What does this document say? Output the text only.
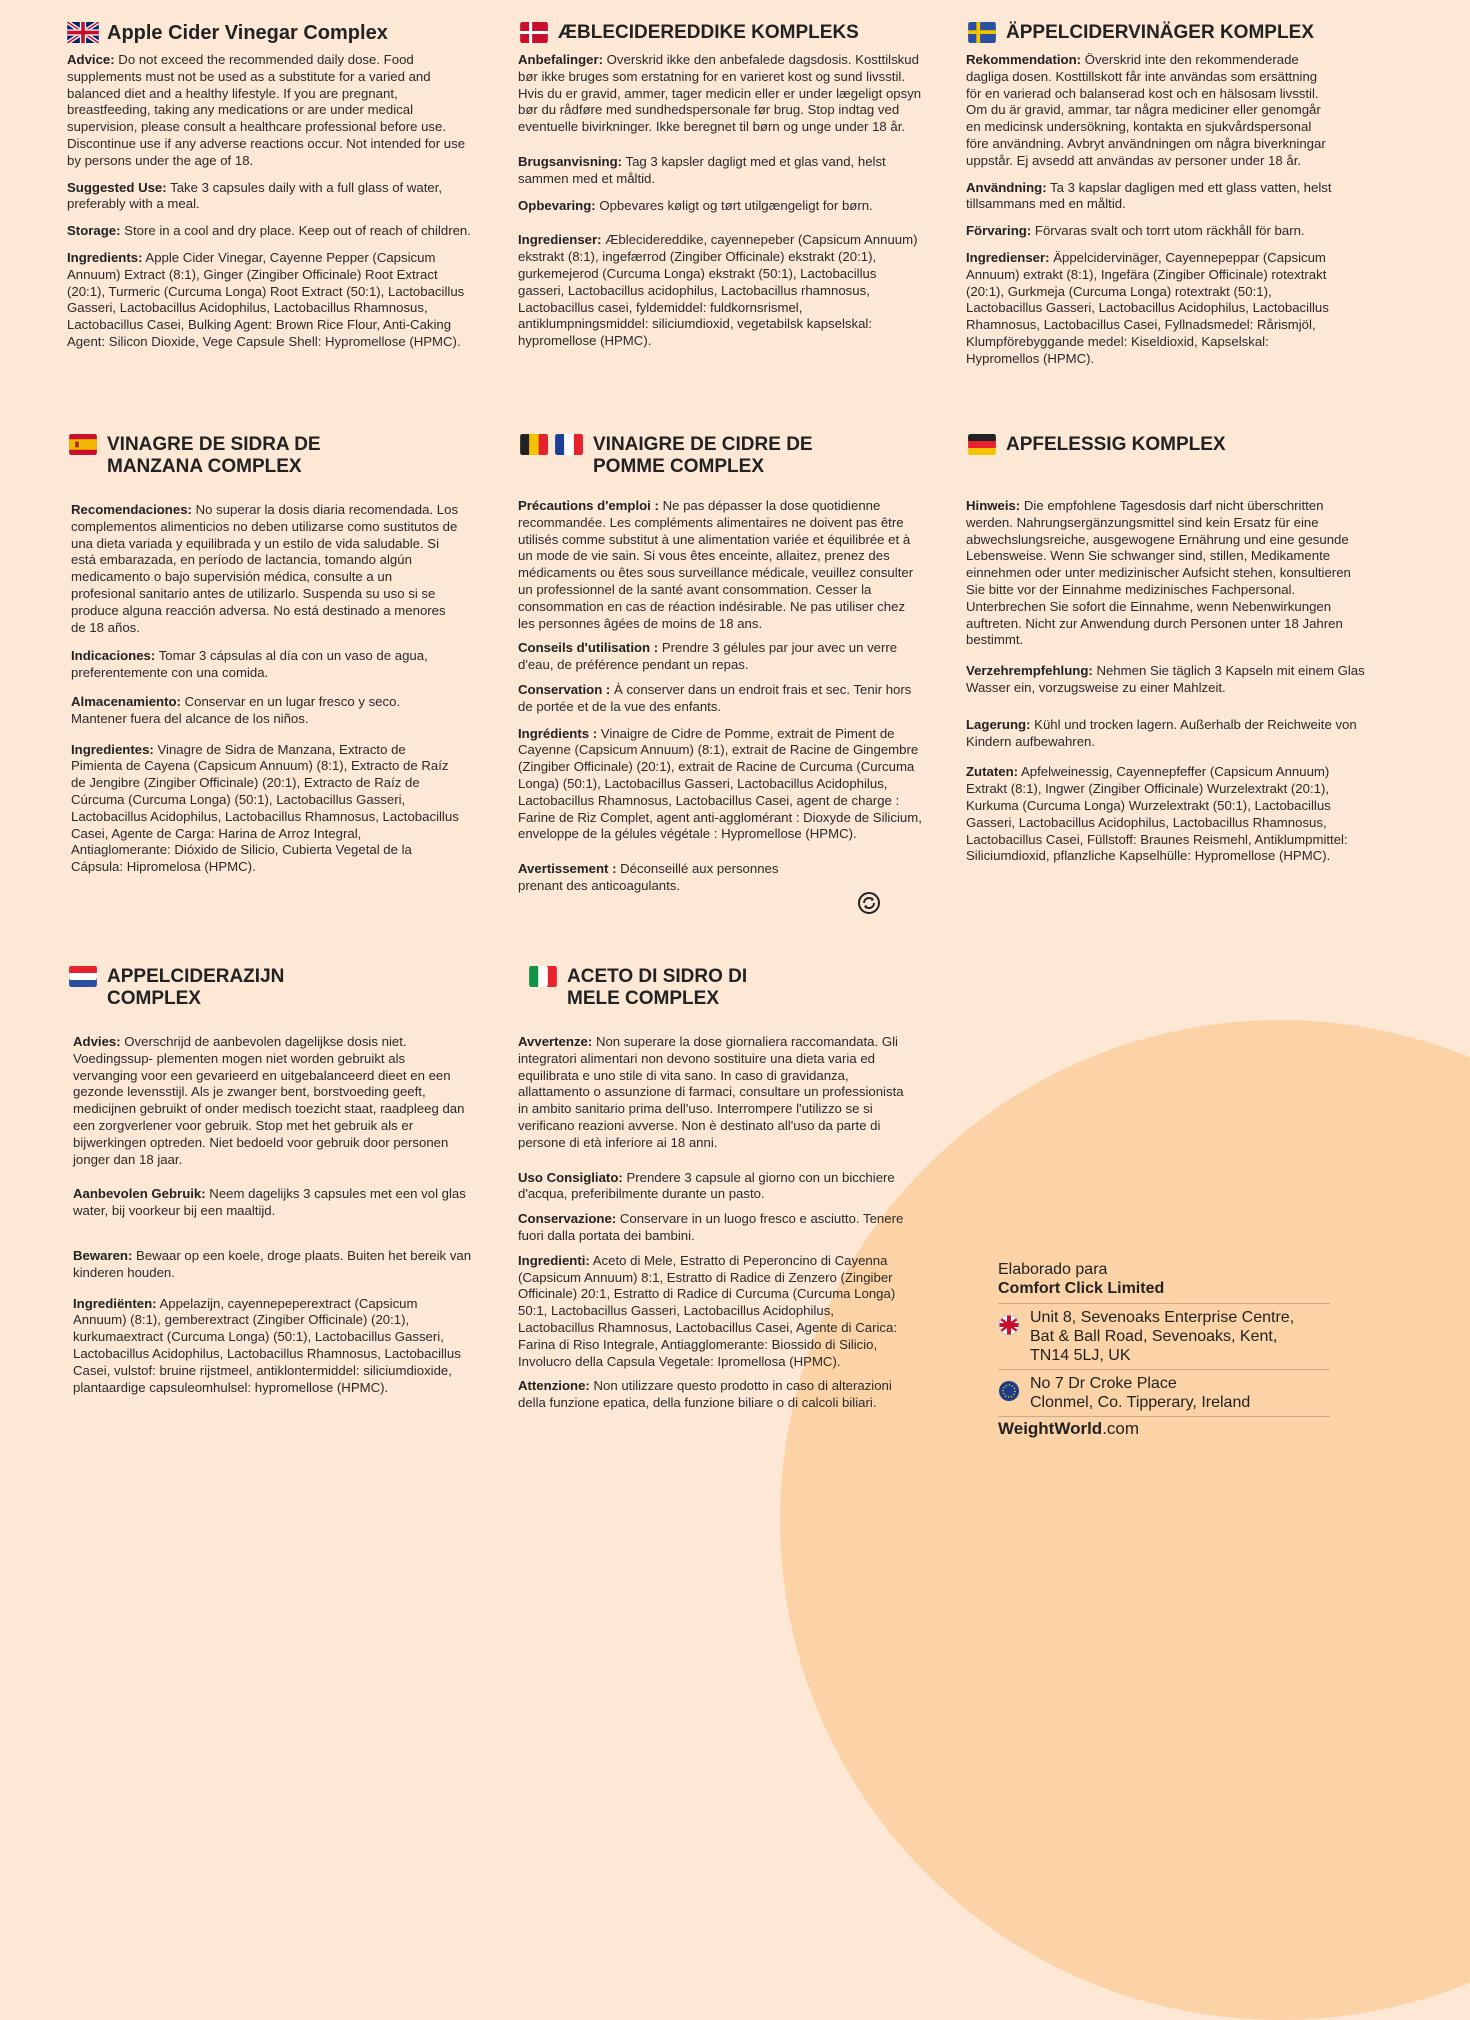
Apple Cider Vinegar Complex

Advice: Do not exceed the recommended daily dose. Food supplements must not be used as a substitute for a varied and balanced diet and a healthy lifestyle. If you are pregnant, breastfeeding, taking any medications or are under medical supervision, please consult a healthcare professional before use. Discontinue use if any adverse reactions occur. Not intended for use by persons under the age of 18.

Suggested Use: Take 3 capsules daily with a full glass of water, preferably with a meal.

Storage: Store in a cool and dry place. Keep out of reach of children.

Ingredients: Apple Cider Vinegar, Cayenne Pepper (Capsicum Annuum) Extract (8:1), Ginger (Zingiber Officinale) Root Extract (20:1), Turmeric (Curcuma Longa) Root Extract (50:1), Lactobacillus Gasseri, Lactobacillus Acidophilus, Lactobacillus Rhamnosus, Lactobacillus Casei, Bulking Agent: Brown Rice Flour, Anti-Caking Agent: Silicon Dioxide, Vege Capsule Shell: Hypromellose (HPMC).

ÆBLECIDEREDDIKE KOMPLEKS

Anbefalinger: Overskrid ikke den anbefalede dagsdosis. Kosttilskud bør ikke bruges som erstatning for en varieret kost og sund livsstil. Hvis du er gravid, ammer, tager medicin eller er under lægeligt opsyn bør du rådføre med sundhedspersonale før brug. Stop indtag ved eventuelle bivirkninger. Ikke beregnet til børn og unge under 18 år.

Brugsanvisning: Tag 3 kapsler dagligt med et glas vand, helst sammen med et måltid.

Opbevaring: Opbevares køligt og tørt utilgængeligt for børn.

Ingredienser: Æblecidereddike, cayennepeber (Capsicum Annuum) ekstrakt (8:1), ingefærrod (Zingiber Officinale) ekstrakt (20:1), gurkemejerod (Curcuma Longa) ekstrakt (50:1), Lactobacillus gasseri, Lactobacillus acidophilus, Lactobacillus rhamnosus, Lactobacillus casei, fyldemiddel: fuldkornsrismel, antiklumpningsmiddel: siliciumdioxid, vegetabilsk kapselskal: hypromellose (HPMC).

ÄPPELCIDERVINÄGER KOMPLEX

Rekommendation: Överskrid inte den rekommenderade dagliga dosen. Kosttillskott får inte användas som ersättning för en varierad och balanserad kost och en hälsosam livsstil. Om du är gravid, ammar, tar några mediciner eller genomgår en medicinsk undersökning, kontakta en sjukvårdspersonal före användning. Avbryt användningen om några biverkningar uppstår. Ej avsedd att användas av personer under 18 år.

Användning: Ta 3 kapslar dagligen med ett glass vatten, helst tillsammans med en måltid.

Förvaring: Förvaras svalt och torrt utom räckhåll för barn.

Ingredienser: Äppelcidervinäger, Cayennepeppar (Capsicum Annuum) extrakt (8:1), Ingefära (Zingiber Officinale) rotextrakt (20:1), Gurkmeja (Curcuma Longa) rotextrakt (50:1), Lactobacillus Gasseri, Lactobacillus Acidophilus, Lactobacillus Rhamnosus, Lactobacillus Casei, Fyllnadsmedel: Rårismjöl, Klumpförebyggande medel: Kiseldioxid, Kapselskal: Hypromellos (HPMC).

VINAGRE DE SIDRA DE
MANZANA COMPLEX

Recomendaciones: No superar la dosis diaria recomendada. Los complementos alimenticios no deben utilizarse como sustitutos de una dieta variada y equilibrada y un estilo de vida saludable. Si está embarazada, en período de lactancia, tomando algún medicamento o bajo supervisión médica, consulte a un profesional sanitario antes de utilizarlo. Suspenda su uso si se produce alguna reacción adversa. No está destinado a menores de 18 años.

Indicaciones: Tomar 3 cápsulas al día con un vaso de agua, preferentemente con una comida.

Almacenamiento: Conservar en un lugar fresco y seco. Mantener fuera del alcance de los niños.

Ingredientes: Vinagre de Sidra de Manzana, Extracto de Pimienta de Cayena (Capsicum Annuum) (8:1), Extracto de Raíz de Jengibre (Zingiber Officinale) (20:1), Extracto de Raíz de Cúrcuma (Curcuma Longa) (50:1), Lactobacillus Gasseri, Lactobacillus Acidophilus, Lactobacillus Rhamnosus, Lactobacillus Casei, Agente de Carga: Harina de Arroz Integral, Antiaglomerante: Dióxido de Silicio, Cubierta Vegetal de la Cápsula: Hipromelosa (HPMC).

VINAIGRE DE CIDRE DE
POMME COMPLEX

Précautions d'emploi : Ne pas dépasser la dose quotidienne recommandée. Les compléments alimentaires ne doivent pas être utilisés comme substitut à une alimentation variée et équilibrée et à un mode de vie sain. Si vous êtes enceinte, allaitez, prenez des médicaments ou êtes sous surveillance médicale, veuillez consulter un professionnel de la santé avant consommation. Cesser la consommation en cas de réaction indésirable. Ne pas utiliser chez les personnes âgées de moins de 18 ans.

Conseils d'utilisation : Prendre 3 gélules par jour avec un verre d'eau, de préférence pendant un repas.

Conservation : À conserver dans un endroit frais et sec. Tenir hors de portée et de la vue des enfants.

Ingrédients : Vinaigre de Cidre de Pomme, extrait de Piment de Cayenne (Capsicum Annuum) (8:1), extrait de Racine de Gingembre (Zingiber Officinale) (20:1), extrait de Racine de Curcuma (Curcuma Longa) (50:1), Lactobacillus Gasseri, Lactobacillus Acidophilus, Lactobacillus Rhamnosus, Lactobacillus Casei, agent de charge : Farine de Riz Complet, agent anti-agglomérant : Dioxyde de Silicium, enveloppe de la gélules végétale : Hypromellose (HPMC).

Avertissement : Déconseillé aux personnes prenant des anticoagulants.

APFELESSIG KOMPLEX

Hinweis: Die empfohlene Tagesdosis darf nicht überschritten werden. Nahrungsergänzungsmittel sind kein Ersatz für eine abwechslungsreiche, ausgewogene Ernährung und eine gesunde Lebensweise. Wenn Sie schwanger sind, stillen, Medikamente einnehmen oder unter medizinischer Aufsicht stehen, konsultieren Sie bitte vor der Einnahme medizinisches Fachpersonal. Unterbrechen Sie sofort die Einnahme, wenn Nebenwirkungen auftreten. Nicht zur Anwendung durch Personen unter 18 Jahren bestimmt.

Verzehrempfehlung: Nehmen Sie täglich 3 Kapseln mit einem Glas Wasser ein, vorzugsweise zu einer Mahlzeit.

Lagerung: Kühl und trocken lagern. Außerhalb der Reichweite von Kindern aufbewahren.

Zutaten: Apfelweinessig, Cayennepfeffer (Capsicum Annuum) Extrakt (8:1), Ingwer (Zingiber Officinale) Wurzelextrakt (20:1), Kurkuma (Curcuma Longa) Wurzelextrakt (50:1), Lactobacillus Gasseri, Lactobacillus Acidophilus, Lactobacillus Rhamnosus, Lactobacillus Casei, Füllstoff: Braunes Reismehl, Antiklumpmittel: Siliciumdioxid, pflanzliche Kapselhülle: Hypromellose (HPMC).

APPELCIDERAZIJN
COMPLEX

Advies: Overschrijd de aanbevolen dagelijkse dosis niet. Voedingssup- plementen mogen niet worden gebruikt als vervanging voor een gevarieerd en uitgebalanceerd dieet en een gezonde levensstijl. Als je zwanger bent, borstvoeding geeft, medicijnen gebruikt of onder medisch toezicht staat, raadpleeg dan een zorgverlener voor gebruik. Stop met het gebruik als er bijwerkingen optreden. Niet bedoeld voor gebruik door personen jonger dan 18 jaar.

Aanbevolen Gebruik: Neem dagelijks 3 capsules met een vol glas water, bij voorkeur bij een maaltijd.

Bewaren: Bewaar op een koele, droge plaats. Buiten het bereik van kinderen houden.

Ingrediënten: Appelazijn, cayennepeperextract (Capsicum Annuum) (8:1), gemberextract (Zingiber Officinale) (20:1), kurkumaextract (Curcuma Longa) (50:1), Lactobacillus Gasseri, Lactobacillus Acidophilus, Lactobacillus Rhamnosus, Lactobacillus Casei, vulstof: bruine rijstmeel, antiklontermiddel: siliciumdioxide, plantaardige capsuleomhulsel: hypromellose (HPMC).

ACETO DI SIDRO DI
MELE COMPLEX

Avvertenze: Non superare la dose giornaliera raccomandata. Gli integratori alimentari non devono sostituire una dieta varia ed equilibrata e uno stile di vita sano. In caso di gravidanza, allattamento o assunzione di farmaci, consultare un professionista in ambito sanitario prima dell'uso. Interrompere l'utilizzo se si verificano reazioni avverse. Non è destinato all'uso da parte di persone di età inferiore ai 18 anni.

Uso Consigliato: Prendere 3 capsule al giorno con un bicchiere d'acqua, preferibilmente durante un pasto.

Conservazione: Conservare in un luogo fresco e asciutto. Tenere fuori dalla portata dei bambini.

Ingredienti: Aceto di Mele, Estratto di Peperoncino di Cayenna (Capsicum Annuum) 8:1, Estratto di Radice di Zenzero (Zingiber Officinale) 20:1, Estratto di Radice di Curcuma (Curcuma Longa) 50:1, Lactobacillus Gasseri, Lactobacillus Acidophilus, Lactobacillus Rhamnosus, Lactobacillus Casei, Agente di Carica: Farina di Riso Integrale, Antiagglomerante: Biossido di Silicio, Involucro della Capsula Vegetale: Ipromellosa (HPMC).

Attenzione: Non utilizzare questo prodotto in caso di alterazioni della funzione epatica, della funzione biliare o di calcoli biliari.

Elaborado para
Comfort Click Limited
Unit 8, Sevenoaks Enterprise Centre,
Bat & Ball Road, Sevenoaks, Kent,
TN14 5LJ, UK
No 7 Dr Croke Place
Clonmel, Co. Tipperary, Ireland
WeightWorld.com
